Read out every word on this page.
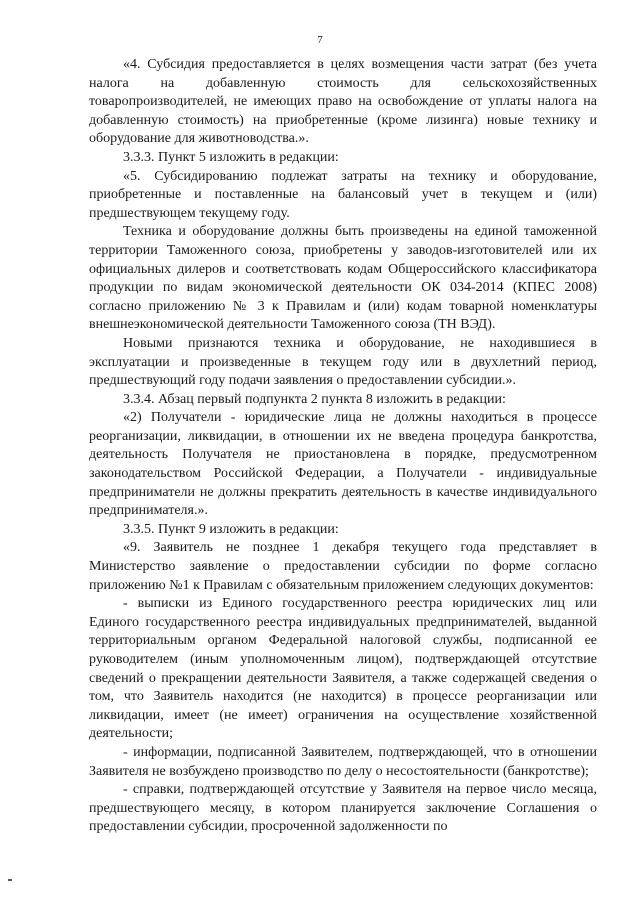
7

«4. Субсидия предоставляется в целях возмещения части затрат (без учета налога на добавленную стоимость для сельскохозяйственных товаропроизводителей, не имеющих право на освобождение от уплаты налога на добавленную стоимость) на приобретенные (кроме лизинга) новые технику и оборудование для животноводства.».

3.3.3. Пункт 5 изложить в редакции:

«5. Субсидированию подлежат затраты на технику и оборудование, приобретенные и поставленные на балансовый учет в текущем и (или) предшествующем текущему году.

Техника и оборудование должны быть произведены на единой таможенной территории Таможенного союза, приобретены у заводов-изготовителей или их официальных дилеров и соответствовать кодам Общероссийского классификатора продукции по видам экономической деятельности ОК 034-2014 (КПЕС 2008) согласно приложению № 3 к Правилам и (или) кодам товарной номенклатуры внешнеэкономической деятельности Таможенного союза (ТН ВЭД).

Новыми признаются техника и оборудование, не находившиеся в эксплуатации и произведенные в текущем году или в двухлетний период, предшествующий году подачи заявления о предоставлении субсидии.».

3.3.4. Абзац первый подпункта 2 пункта 8 изложить в редакции:

«2) Получатели - юридические лица не должны находиться в процессе реорганизации, ликвидации, в отношении их не введена процедура банкротства, деятельность Получателя не приостановлена в порядке, предусмотренном законодательством Российской Федерации, а Получатели - индивидуальные предприниматели не должны прекратить деятельность в качестве индивидуального предпринимателя.».

3.3.5. Пункт 9 изложить в редакции:

«9. Заявитель не позднее 1 декабря текущего года представляет в Министерство заявление о предоставлении субсидии по форме согласно приложению №1 к Правилам с обязательным приложением следующих документов:

- выписки из Единого государственного реестра юридических лиц или Единого государственного реестра индивидуальных предпринимателей, выданной территориальным органом Федеральной налоговой службы, подписанной ее руководителем (иным уполномоченным лицом), подтверждающей отсутствие сведений о прекращении деятельности Заявителя, а также содержащей сведения о том, что Заявитель находится (не находится) в процессе реорганизации или ликвидации, имеет (не имеет) ограничения на осуществление хозяйственной деятельности;

- информации, подписанной Заявителем, подтверждающей, что в отношении Заявителя не возбуждено производство по делу о несостоятельности (банкротстве);

- справки, подтверждающей отсутствие у Заявителя на первое число месяца, предшествующего месяцу, в котором планируется заключение Соглашения о предоставлении субсидии, просроченной задолженности по
